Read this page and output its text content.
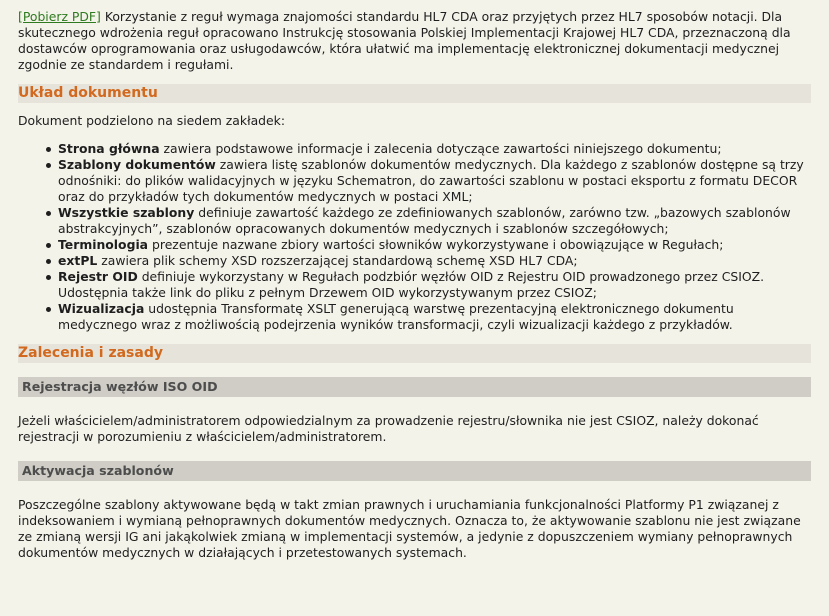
[Pobierz PDF] Korzystanie z reguł wymaga znajomości standardu HL7 CDA oraz przyjętych przez HL7 sposobów notacji. Dla skutecznego wdrożenia reguł opracowano Instrukcję stosowania Polskiej Implementacji Krajowej HL7 CDA, przeznaczoną dla dostawców oprogramowania oraz usługodawców, która ułatwić ma implementację elektronicznej dokumentacji medycznej zgodnie ze standardem i regułami.

Układ dokumentu

Dokument podzielono na siedem zakładek:

Strona główna zawiera podstawowe informacje i zalecenia dotyczące zawartości niniejszego dokumentu;
Szablony dokumentów zawiera listę szablonów dokumentów medycznych. Dla każdego z szablonów dostępne są trzy odnośniki: do plików walidacyjnych w języku Schematron, do zawartości szablonu w postaci eksportu z formatu DECOR oraz do przykładów tych dokumentów medycznych w postaci XML;
Wszystkie szablony definiuje zawartość każdego ze zdefiniowanych szablonów, zarówno tzw. „bazowych szablonów abstrakcyjnych”, szablonów opracowanych dokumentów medycznych i szablonów szczegółowych;
Terminologia prezentuje nazwane zbiory wartości słowników wykorzystywane i obowiązujące w Regułach;
extPL zawiera plik schemy XSD rozszerzającej standardową schemę XSD HL7 CDA;
Rejestr OID definiuje wykorzystany w Regułach podzbiór węzłów OID z Rejestru OID prowadzonego przez CSIOZ. Udostępnia także link do pliku z pełnym Drzewem OID wykorzystywanym przez CSIOZ;
Wizualizacja udostępnia Transformatę XSLT generującą warstwę prezentacyjną elektronicznego dokumentu medycznego wraz z możliwością podejrzenia wyników transformacji, czyli wizualizacji każdego z przykładów.
Zalecenia i zasady
Rejestracja węzłów ISO OID

Jeżeli właścicielem/administratorem odpowiedzialnym za prowadzenie rejestru/słownika nie jest CSIOZ, należy dokonać rejestracji w porozumieniu z właścicielem/administratorem.

Aktywacja szablonów

Poszczególne szablony aktywowane będą w takt zmian prawnych i uruchamiania funkcjonalności Platformy P1 związanej z indeksowaniem i wymianą pełnoprawnych dokumentów medycznych. Oznacza to, że aktywowanie szablonu nie jest związane ze zmianą wersji IG ani jakąkolwiek zmianą w implementacji systemów, a jedynie z dopuszczeniem wymiany pełnoprawnych dokumentów medycznych w działających i przetestowanych systemach.
